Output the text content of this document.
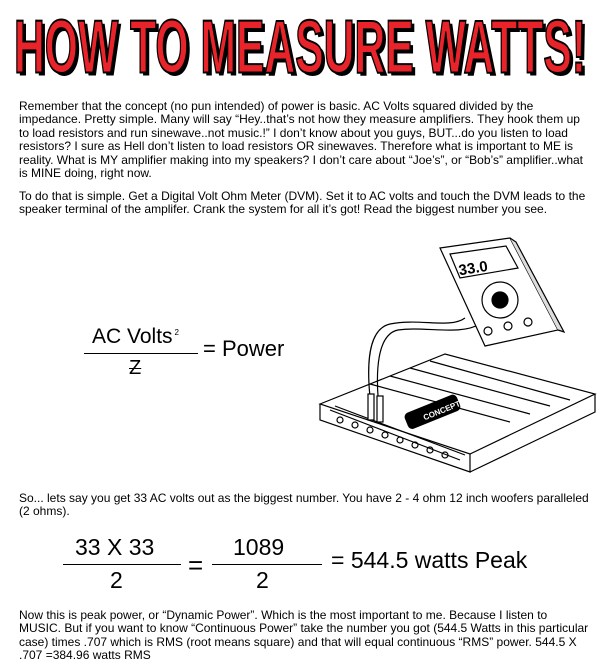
HOW TO MEASURE WATTS!
HOW TO MEASURE WATTS!

Remember that the concept (no pun intended) of power is basic. AC Volts squared divided by the impedance. Pretty simple. Many will say “Hey..that’s not how they measure amplifiers. They hook them up to load resistors and run sinewave..not music.!” I don’t know about you guys, BUT...do you listen to load resistors? I sure as Hell don’t listen to load resistors OR sinewaves. Therefore what is important to ME is reality. What is MY amplifier making into my speakers? I don’t care about “Joe’s”, or “Bob’s” amplifier..what is MINE doing, right now.

To do that is simple. Get a Digital Volt Ohm Meter (DVM). Set it to AC volts and touch the DVM leads to the speaker terminal of the amplifer. Crank the system for all it’s got! Read the biggest number you see.

AC Volts $^2$
Z
= Power
CONCEPT
33.0

So... lets say you get 33 AC volts out as the biggest number. You have 2 - 4 ohm 12 inch woofers paralleled (2 ohms).

33 X 33
2	=
1089
2
= 544.5 watts Peak

Now this is peak power, or “Dynamic Power”. Which is the most important to me. Because I listen to MUSIC. But if you want to know “Continuous Power” take the number you got (544.5 Watts in this particular case) times .707 which is RMS (root means square) and that will equal continuous “RMS” power. 544.5 X .707 =384.96 watts RMS
